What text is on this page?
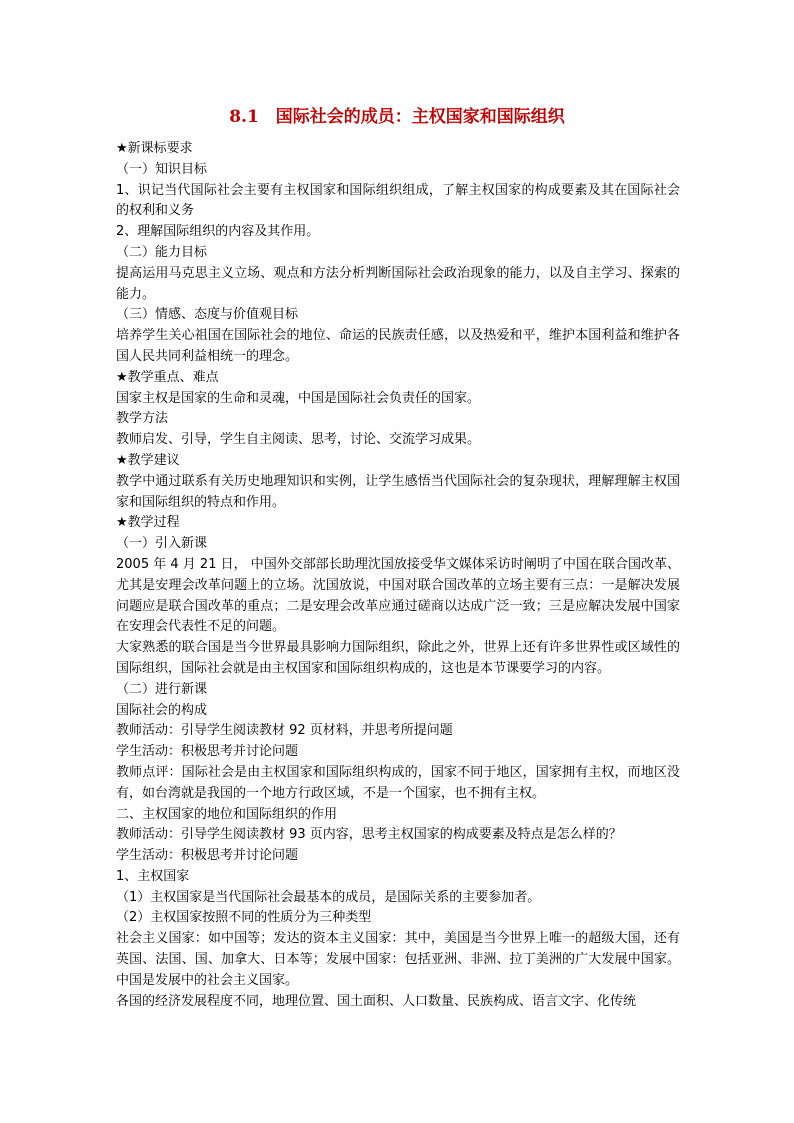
8.1　国际社会的成员：主权国家和国际组织

★新课标要求

（一）知识目标

1、识记当代国际社会主要有主权国家和国际组织组成，了解主权国家的构成要素及其在国际社会的权利和义务

2、理解国际组织的内容及其作用。

（二）能力目标

提高运用马克思主义立场、观点和方法分析判断国际社会政治现象的能力，以及自主学习、探索的能力。

（三）情感、态度与价值观目标

培养学生关心祖国在国际社会的地位、命运的民族责任感，以及热爱和平，维护本国利益和维护各国人民共同利益相统一的理念。

★教学重点、难点

国家主权是国家的生命和灵魂，中国是国际社会负责任的国家。

教学方法

教师启发、引导，学生自主阅读、思考，讨论、交流学习成果。

★教学建议

教学中通过联系有关历史地理知识和实例，让学生感悟当代国际社会的复杂现状，理解理解主权国家和国际组织的特点和作用。

★教学过程

（一）引入新课

2005 年 4 月 21 日， 中国外交部部长助理沈国放接受华文媒体采访时阐明了中国在联合国改革、尤其是安理会改革问题上的立场。沈国放说，中国对联合国改革的立场主要有三点：一是解决发展问题应是联合国改革的重点；二是安理会改革应通过磋商以达成广泛一致；三是应解决发展中国家在安理会代表性不足的问题。

大家熟悉的联合国是当今世界最具影响力国际组织，除此之外，世界上还有许多世界性或区域性的国际组织，国际社会就是由主权国家和国际组织构成的，这也是本节课要学习的内容。

（二）进行新课

国际社会的构成

教师活动：引导学生阅读教材 92 页材料，并思考所提问题

学生活动：积极思考并讨论问题

教师点评：国际社会是由主权国家和国际组织构成的，国家不同于地区，国家拥有主权，而地区没有，如台湾就是我国的一个地方行政区域，不是一个国家，也不拥有主权。

二、主权国家的地位和国际组织的作用

教师活动：引导学生阅读教材 93 页内容，思考主权国家的构成要素及特点是怎么样的？

学生活动：积极思考并讨论问题

1、主权国家

（1）主权国家是当代国际社会最基本的成员，是国际关系的主要参加者。

（2）主权国家按照不同的性质分为三种类型

社会主义国家：如中国等；发达的资本主义国家：其中，美国是当今世界上唯一的超级大国，还有英国、法国、国、加拿大、日本等；发展中国家：包括亚洲、非洲、拉丁美洲的广大发展中国家。中国是发展中的社会主义国家。

各国的经济发展程度不同，地理位置、国土面积、人口数量、民族构成、语言文字、化传统
